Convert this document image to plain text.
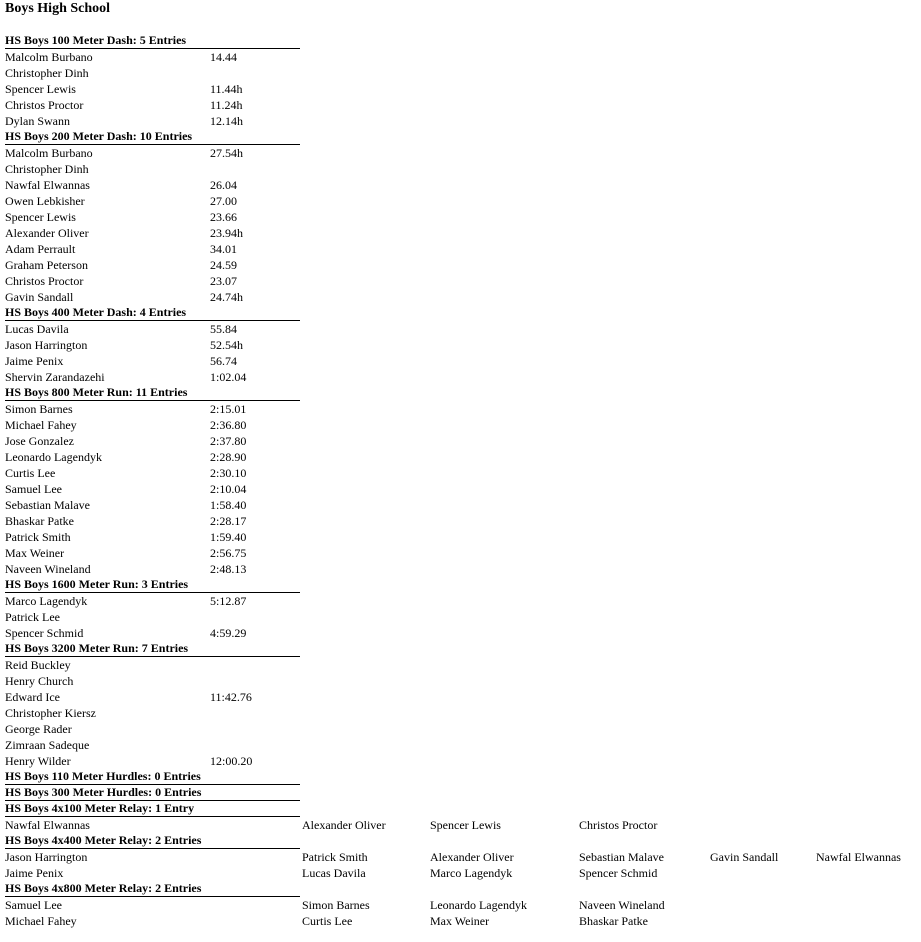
Boys High School
HS Boys 100 Meter Dash: 5 Entries
Malcolm Burbano	14.44
Christopher Dinh
Spencer Lewis	11.44h
Christos Proctor	11.24h
Dylan Swann	12.14h
HS Boys 200 Meter Dash: 10 Entries
Malcolm Burbano	27.54h
Christopher Dinh
Nawfal Elwannas	26.04
Owen Lebkisher	27.00
Spencer Lewis	23.66
Alexander Oliver	23.94h
Adam Perrault	34.01
Graham Peterson	24.59
Christos Proctor	23.07
Gavin Sandall	24.74h
HS Boys 400 Meter Dash: 4 Entries
Lucas Davila	55.84
Jason Harrington	52.54h
Jaime Penix	56.74
Shervin Zarandazehi	1:02.04
HS Boys 800 Meter Run: 11 Entries
Simon Barnes	2:15.01
Michael Fahey	2:36.80
Jose Gonzalez	2:37.80
Leonardo Lagendyk	2:28.90
Curtis Lee	2:30.10
Samuel Lee	2:10.04
Sebastian Malave	1:58.40
Bhaskar Patke	2:28.17
Patrick Smith	1:59.40
Max Weiner	2:56.75
Naveen Wineland	2:48.13
HS Boys 1600 Meter Run: 3 Entries
Marco Lagendyk	5:12.87
Patrick Lee
Spencer Schmid	4:59.29
HS Boys 3200 Meter Run: 7 Entries
Reid Buckley
Henry Church
Edward Ice	11:42.76
Christopher Kiersz
George Rader
Zimraan Sadeque
Henry Wilder	12:00.20
HS Boys 110 Meter Hurdles: 0 Entries
HS Boys 300 Meter Hurdles: 0 Entries
HS Boys 4x100 Meter Relay: 1 Entry
Nawfal Elwannas	Alexander Oliver	Spencer Lewis	Christos Proctor
HS Boys 4x400 Meter Relay: 2 Entries
Jason Harrington	Patrick Smith	Alexander Oliver	Sebastian Malave	Gavin Sandall	Nawfal Elwannas
Jaime Penix	Lucas Davila	Marco Lagendyk	Spencer Schmid
HS Boys 4x800 Meter Relay: 2 Entries
Samuel Lee	Simon Barnes	Leonardo Lagendyk	Naveen Wineland
Michael Fahey	Curtis Lee	Max Weiner	Bhaskar Patke
